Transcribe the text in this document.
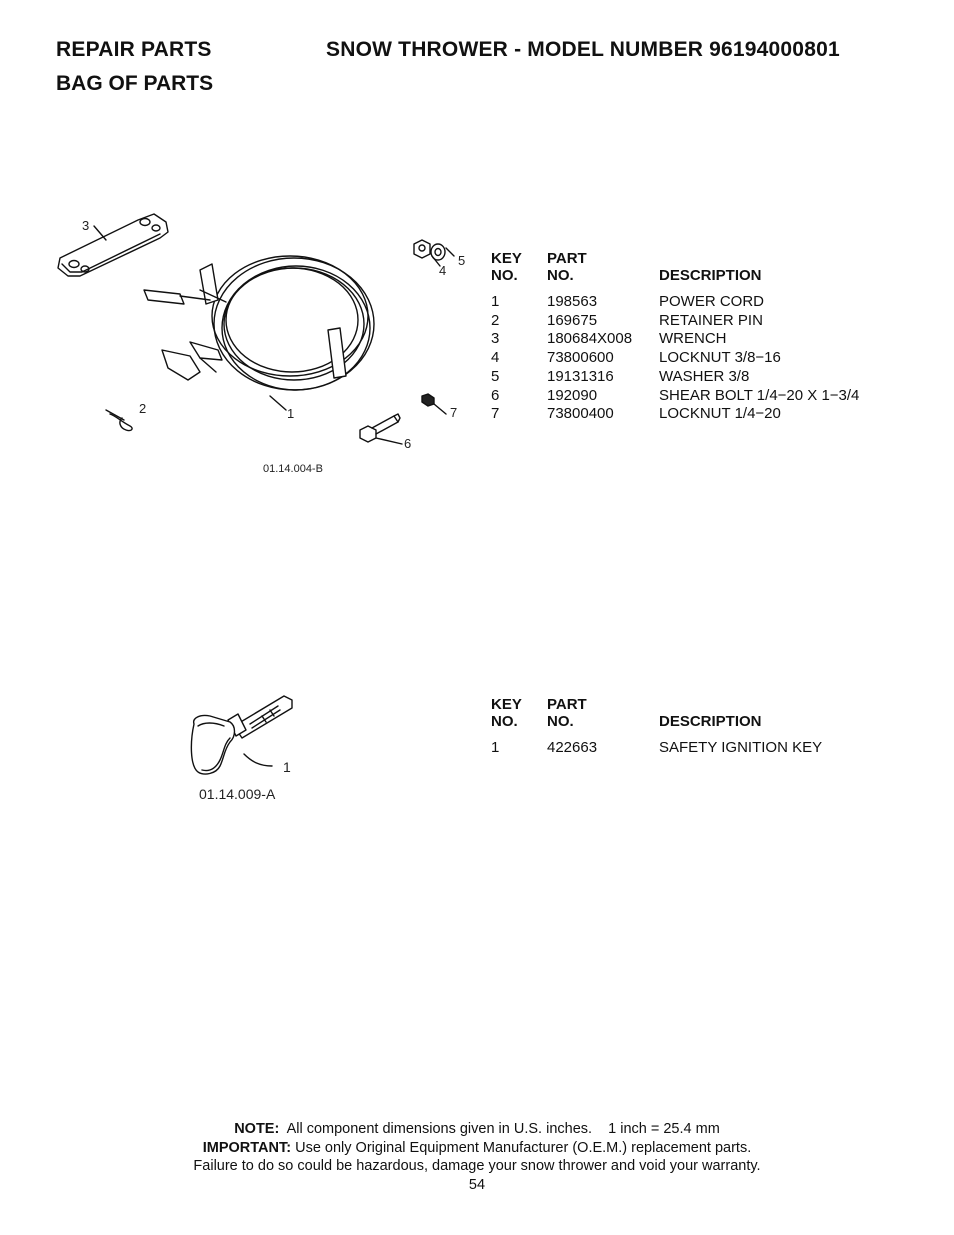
REPAIR PARTS
BAG OF PARTS
SNOW THROWER - MODEL NUMBER 96194000801
3
2	1
4
5
6
7
01.14.004-B
KEY
NO.	PART
NO.	DESCRIPTION

1	198563	POWER CORD
2	169675	RETAINER PIN
3	180684X008	WRENCH
4	73800600	LOCKNUT 3/8−16
5	19131316	WASHER 3/8
6	192090	SHEAR BOLT 1/4−20 X 1−3/4
7	73800400	LOCKNUT 1/4−20
1
01.14.009-A
KEY
NO.	PART
NO.	DESCRIPTION

1	422663	SAFETY IGNITION KEY
NOTE: All component dimensions given in U.S. inches.    1 inch = 25.4 mm
IMPORTANT: Use only Original Equipment Manufacturer (O.E.M.) replacement parts.
Failure to do so could be hazardous, damage your snow thrower and void your warranty.
54
